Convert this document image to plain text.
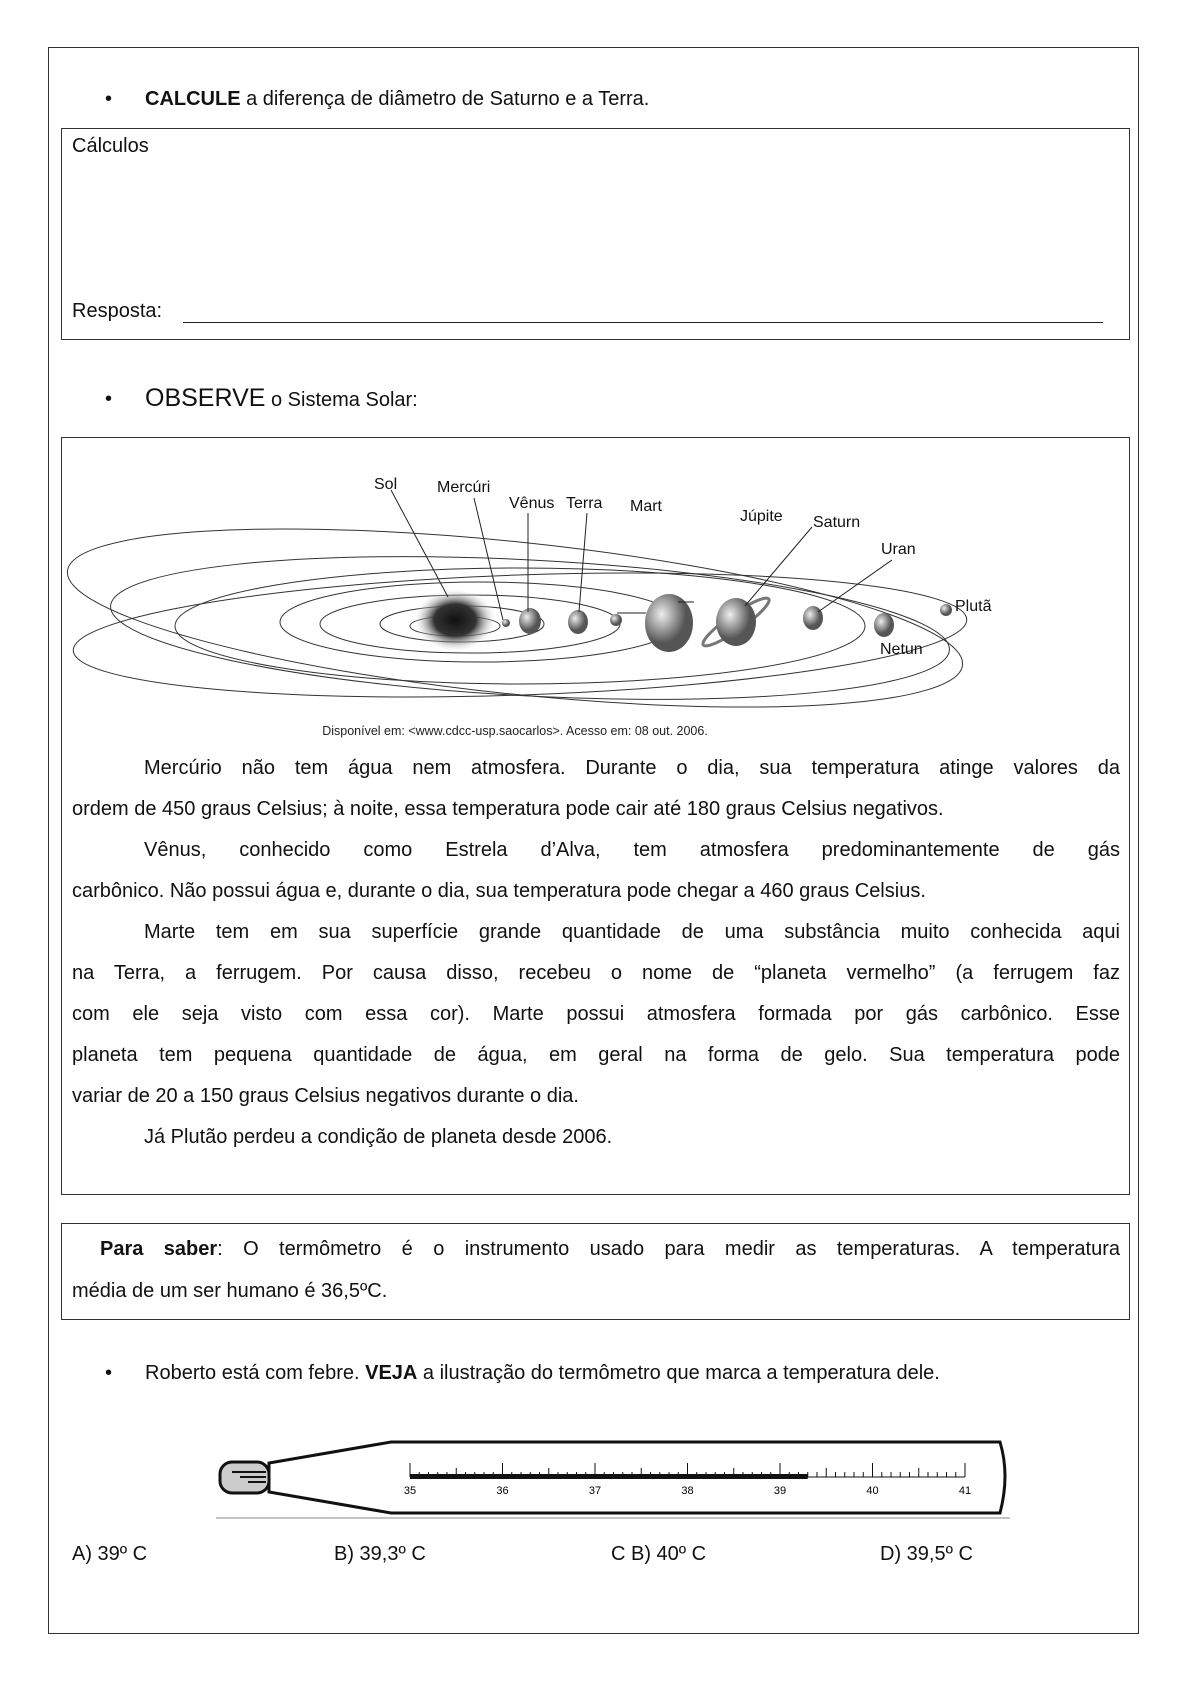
• CALCULE a diferença de diâmetro de Saturno e a Terra.
Cálculos
Resposta:
• OBSERVE o Sistema Solar:
Sol Mercúri
Vênus Terra Mart
Júpite Saturn
Uran
Plutã
Netun
Disponível em: <www.cdcc-usp.saocarlos>. Acesso em: 08 out. 2006.
Mercúrio não tem água nem atmosfera. Durante o dia, sua temperatura atinge valores da
ordem de 450 graus Celsius; à noite, essa temperatura pode cair até 180 graus Celsius negativos.
Vênus, conhecido como Estrela d’Alva, tem atmosfera predominantemente de gás
carbônico. Não possui água e, durante o dia, sua temperatura pode chegar a 460 graus Celsius.
Marte tem em sua superfície grande quantidade de uma substância muito conhecida aqui
na Terra, a ferrugem. Por causa disso, recebeu o nome de “planeta vermelho” (a ferrugem faz
com ele seja visto com essa cor). Marte possui atmosfera formada por gás carbônico. Esse
planeta tem pequena quantidade de água, em geral na forma de gelo. Sua temperatura pode
variar de 20 a 150 graus Celsius negativos durante o dia.
Já Plutão perdeu a condição de planeta desde 2006.
Para saber: O termômetro é o instrumento usado para medir as temperaturas. A temperatura
média de um ser humano é 36,5ºC.
• Roberto está com febre. VEJA a ilustração do termômetro que marca a temperatura dele.
35	36	37	38	39	40	41
A) 39º C	B) 39,3º C	C B) 40º C	D) 39,5º C
